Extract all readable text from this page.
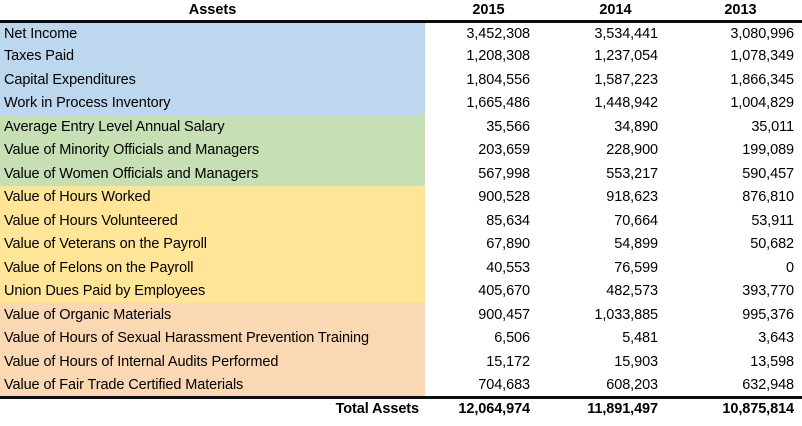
Assets	2015	2014	2013
Net Income	3,452,308	3,534,441	3,080,996
Taxes Paid	1,208,308	1,237,054	1,078,349
Capital Expenditures	1,804,556	1,587,223	1,866,345
Work in Process Inventory	1,665,486	1,448,942	1,004,829
Average Entry Level Annual Salary	35,566	34,890	35,011
Value of Minority Officials and Managers	203,659	228,900	199,089
Value of Women Officials and Managers	567,998	553,217	590,457
Value of Hours Worked	900,528	918,623	876,810
Value of Hours Volunteered	85,634	70,664	53,911
Value of Veterans on the Payroll	67,890	54,899	50,682
Value of Felons on the Payroll	40,553	76,599	0
Union Dues Paid by Employees	405,670	482,573	393,770
Value of Organic Materials	900,457	1,033,885	995,376
Value of Hours of Sexual Harassment Prevention Training	6,506	5,481	3,643
Value of Hours of Internal Audits Performed	15,172	15,903	13,598
Value of Fair Trade Certified Materials	704,683	608,203	632,948
Total Assets	12,064,974	11,891,497	10,875,814
